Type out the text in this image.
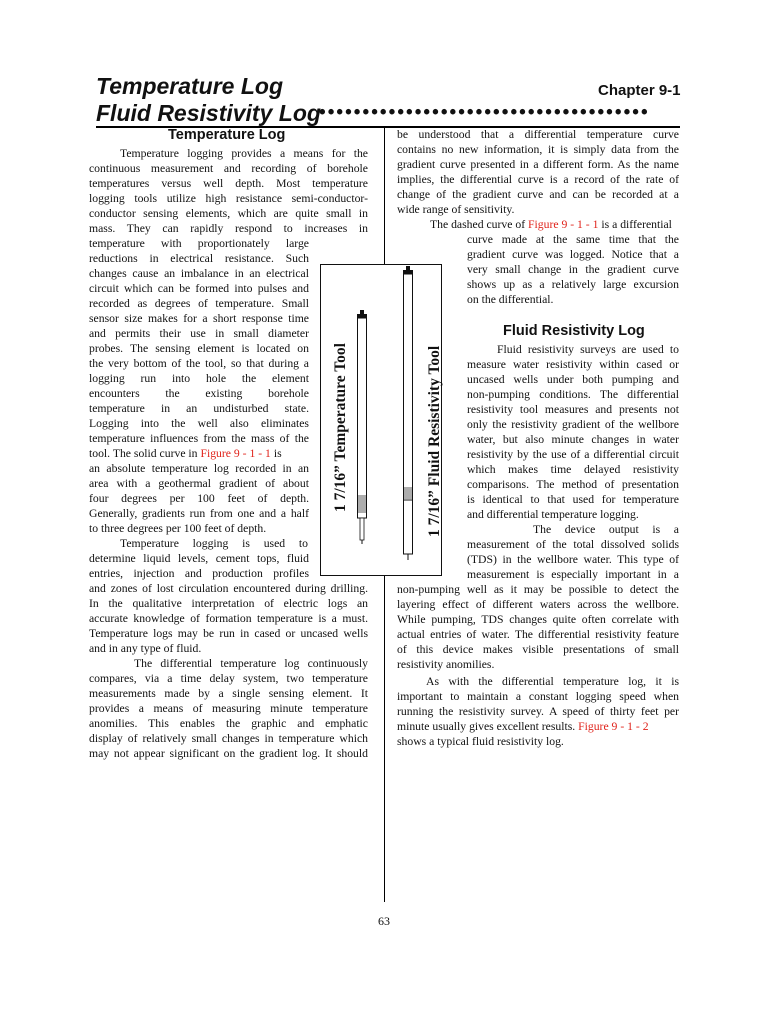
Temperature Log
Fluid Resistivity Log
••••••••••••••••••••••••••••••••••••••
Chapter 9-1
Temperature Log
Fluid Resistivity Log
Temperature logging provides a means for the
continuous measurement and recording of borehole
temperatures versus well depth. Most temperature
logging tools utilize high resistance semi-conductor-
conductor sensing elements, which are quite small in
mass. They can rapidly respond to increases in
temperature with proportionately large
reductions in electrical resistance. Such
changes cause an imbalance in an electrical
circuit which can be formed into pulses and
recorded as degrees of temperature. Small
sensor size makes for a short response time
and permits their use in small diameter
probes. The sensing element is located on
the very bottom of the tool, so that during a
logging run into hole the element
encounters the existing borehole
temperature in an undisturbed state.
Logging into the well also eliminates
temperature influences from the mass of the
tool. The solid curve in Figure 9 - 1 - 1 is
an absolute temperature log recorded in an
area with a geothermal gradient of about
four degrees per 100 feet of depth.
Generally, gradients run from one and a half
to three degrees per 100 feet of depth.
Temperature logging is used to
determine liquid levels, cement tops, fluid
entries, injection and production profiles
and zones of lost circulation encountered during drilling.
In the qualitative interpretation of electric logs an
accurate knowledge of formation temperature is a must.
Temperature logs may be run in cased or uncased wells
and in any type of fluid.
The differential temperature log continuously
compares, via a time delay system, two temperature
measurements made by a single sensing element. It
provides a means of measuring minute temperature
anomilies. This enables the graphic and emphatic
display of relatively small changes in temperature which
may not appear significant on the gradient log. It should
1 7/16” Temperature Tool	1 7/16” Fluid Resistivity Tool
be understood that a differential temperature curve
contains no new information, it is simply data from the
gradient curve presented in a different form. As the name
implies, the differential curve is a record of the rate of
change of the gradient curve and can be recorded at a
wide range of sensitivity.
The dashed curve of Figure 9 - 1 - 1 is a differential
curve made at the same time that the
gradient curve was logged. Notice that a
very small change in the gradient curve
shows up as a relatively large excursion
on the differential.
Fluid resistivity surveys are used to
measure water resistivity within cased or
uncased wells under both pumping and
non-pumping conditions. The differential
resistivity tool measures and presents not
only the resistivity gradient of the wellbore
water, but also minute changes in water
resistivity by the use of a differential circuit
which makes time delayed resistivity
comparisons. The method of presentation
is identical to that used for temperature
and differential temperature logging.
The device output is a
measurement of the total dissolved solids
(TDS) in the wellbore water. This type of
measurement is especially important in a
non-pumping well as it may be possible to detect the
layering effect of different waters across the wellbore.
While pumping, TDS changes quite often correlate with
actual entries of water. The differential resistivity feature
of this device makes visible presentations of small
resistivity anomilies.
As with the differential temperature log, it is
important to maintain a constant logging speed when
running the resistivity survey. A speed of thirty feet per
minute usually gives excellent results. Figure 9 - 1 - 2
shows a typical fluid resistivity log.
63
